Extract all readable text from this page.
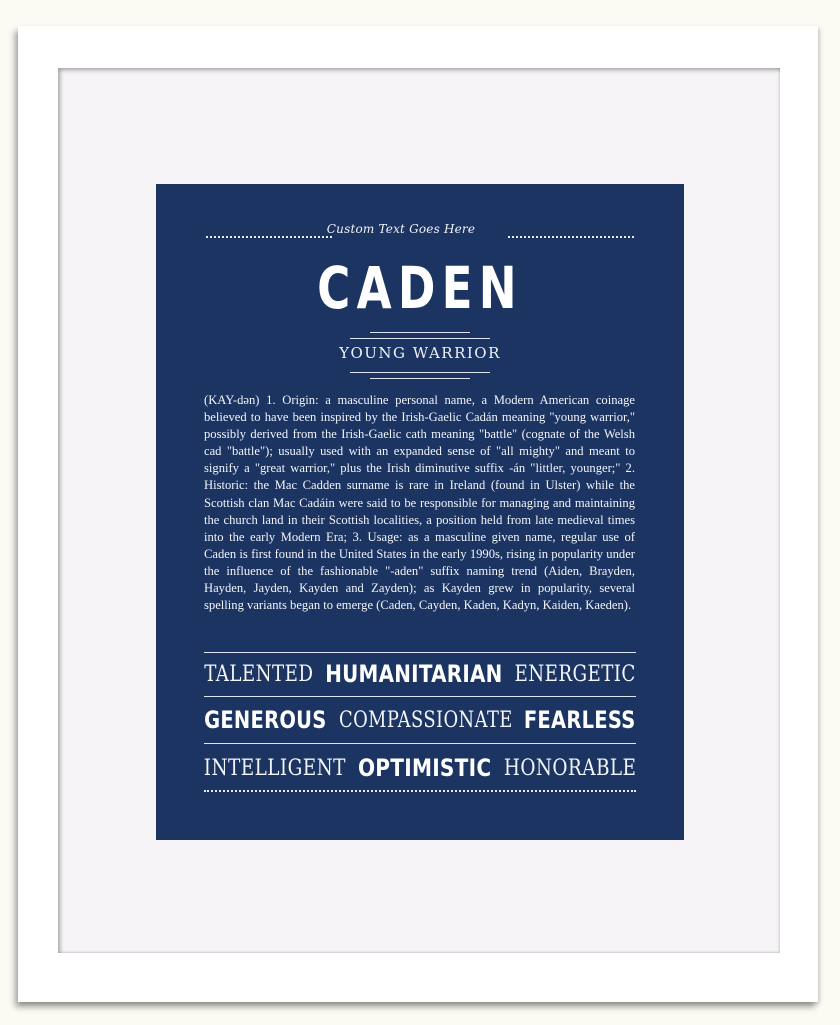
Custom Text Goes Here
CADEN
YOUNG WARRIOR
(KAY-dən) 1. Origin: a masculine personal name, a Modern American coinage believed to have been inspired by the Irish-Gaelic Cadán meaning "young warrior," possibly derived from the Irish-Gaelic cath meaning "battle" (cognate of the Welsh cad "battle"); usually used with an expanded sense of "all mighty" and meant to signify a "great warrior," plus the Irish diminutive suffix -án "littler, younger;" 2. Historic: the Mac Cadden surname is rare in Ireland (found in Ulster) while the Scottish clan Mac Cadáin were said to be responsible for managing and maintaining the church land in their Scottish localities, a position held from late medieval times into the early Modern Era; 3. Usage: as a masculine given name, regular use of Caden is first found in the United States in the early 1990s, rising in popularity under the influence of the fashionable "-aden" suffix naming trend (Aiden, Brayden, Hayden, Jayden, Kayden and Zayden); as Kayden grew in popularity, several spelling variants began to emerge (Caden, Cayden, Kaden, Kadyn, Kaiden, Kaeden).
TALENTED HUMANITARIAN ENERGETIC
GENEROUS COMPASSIONATE FEARLESS
INTELLIGENT OPTIMISTIC HONORABLE
